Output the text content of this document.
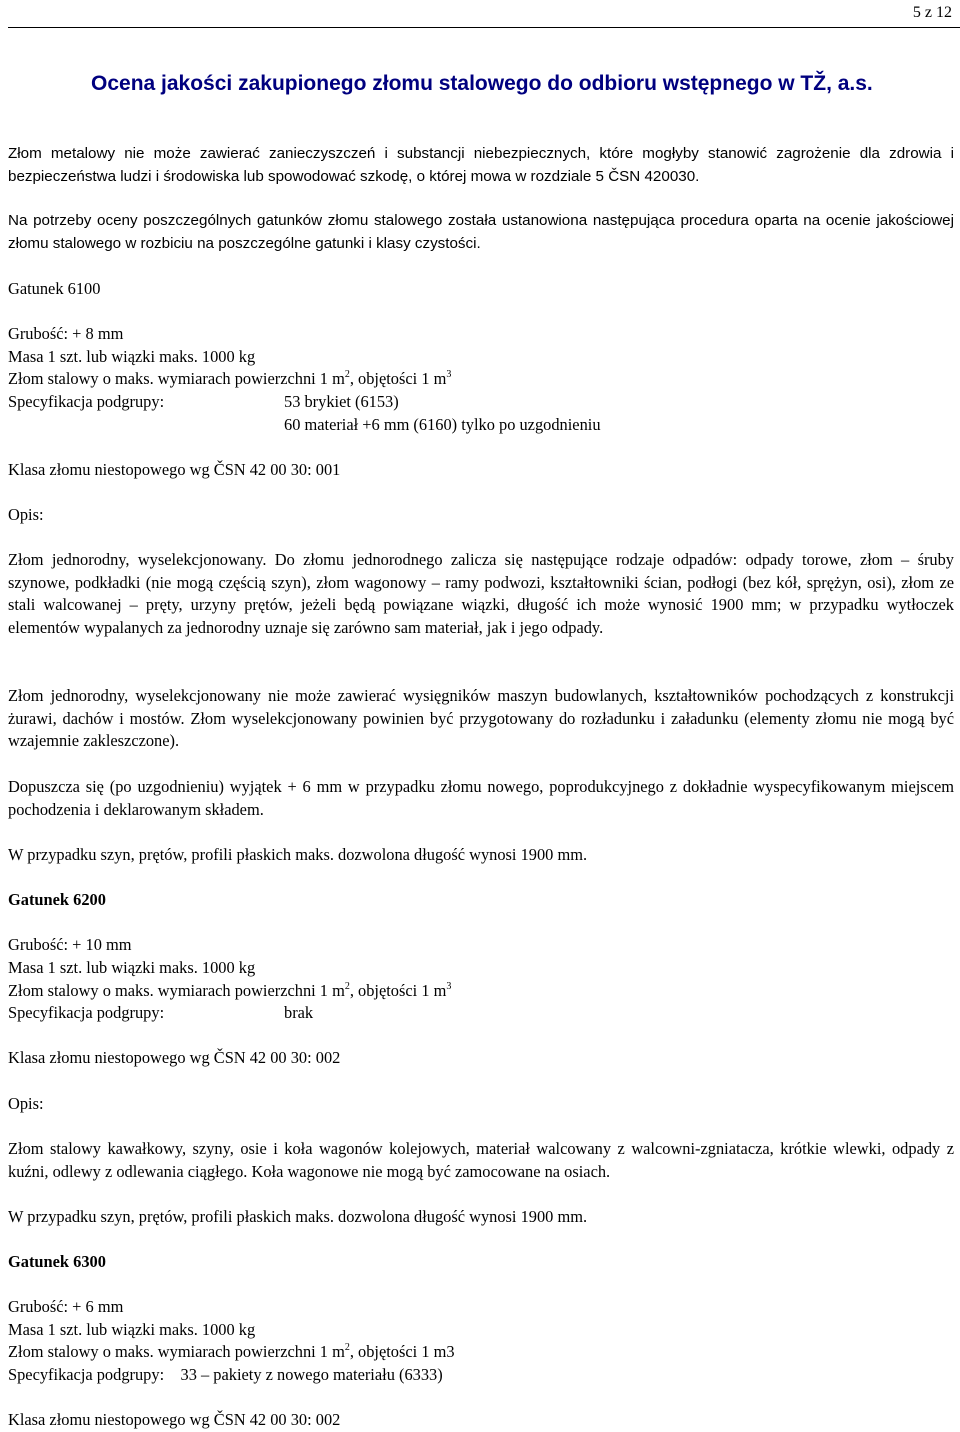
5 z 12
Ocena jakości zakupionego złomu stalowego do odbioru wstępnego w TŽ, a.s.

Złom metalowy nie może zawierać zanieczyszczeń i substancji niebezpiecznych, które mogłyby stanowić zagrożenie dla zdrowia i bezpieczeństwa ludzi i środowiska lub spowodować szkodę, o której mowa w rozdziale 5 ČSN 420030.

Na potrzeby oceny poszczególnych gatunków złomu stalowego została ustanowiona następująca procedura oparta na ocenie jakościowej złomu stalowego w rozbiciu na poszczególne gatunki i klasy czystości.

Gatunek 6100
Grubość: + 8 mm
Masa 1 szt. lub wiązki maks. 1000 kg
Złom stalowy o maks. wymiarach powierzchni 1 $m^2$, objętości 1 $m^3$
Specyfikacja podgrupy:	53 brykiet (6153)
60 materiał +6 mm (6160) tylko po uzgodnieniu
Klasa złomu niestopowego wg ČSN 42 00 30: 001
Opis:

Złom jednorodny, wyselekcjonowany. Do złomu jednorodnego zalicza się następujące rodzaje odpadów: odpady torowe, złom – śruby szynowe, podkładki (nie mogą częścią szyn), złom wagonowy – ramy podwozi, kształtowniki ścian, podłogi (bez kół, sprężyn, osi), złom ze stali walcowanej – pręty, urzyny prętów, jeżeli będą powiązane wiązki, długość ich może wynosić 1900 mm; w przypadku wytłoczek elementów wypalanych za jednorodny uznaje się zarówno sam materiał, jak i jego odpady.

Złom jednorodny, wyselekcjonowany nie może zawierać wysięgników maszyn budowlanych, kształtowników pochodzących z konstrukcji żurawi, dachów i mostów. Złom wyselekcjonowany powinien być przygotowany do rozładunku i załadunku (elementy złomu nie mogą być wzajemnie zakleszczone).

Dopuszcza się (po uzgodnieniu) wyjątek + 6 mm w przypadku złomu nowego, poprodukcyjnego z dokładnie wyspecyfikowanym miejscem pochodzenia i deklarowanym składem.

W przypadku szyn, prętów, profili płaskich maks. dozwolona długość wynosi 1900 mm.

Gatunek 6200
Grubość: + 10 mm
Masa 1 szt. lub wiązki maks. 1000 kg
Złom stalowy o maks. wymiarach powierzchni 1 $m^2$, objętości 1 $m^3$
Specyfikacja podgrupy:	brak
Klasa złomu niestopowego wg ČSN 42 00 30: 002
Opis:

Złom stalowy kawałkowy, szyny, osie i koła wagonów kolejowych, materiał walcowany z walcowni-zgniatacza, krótkie wlewki, odpady z kuźni, odlewy z odlewania ciągłego. Koła wagonowe nie mogą być zamocowane na osiach.

W przypadku szyn, prętów, profili płaskich maks. dozwolona długość wynosi 1900 mm.

Gatunek 6300
Grubość: + 6 mm
Masa 1 szt. lub wiązki maks. 1000 kg
Złom stalowy o maks. wymiarach powierzchni 1 $m^2$, objętości 1 m3
Specyfikacja podgrupy:    33 – pakiety z nowego materiału (6333)
Klasa złomu niestopowego wg ČSN 42 00 30: 002
